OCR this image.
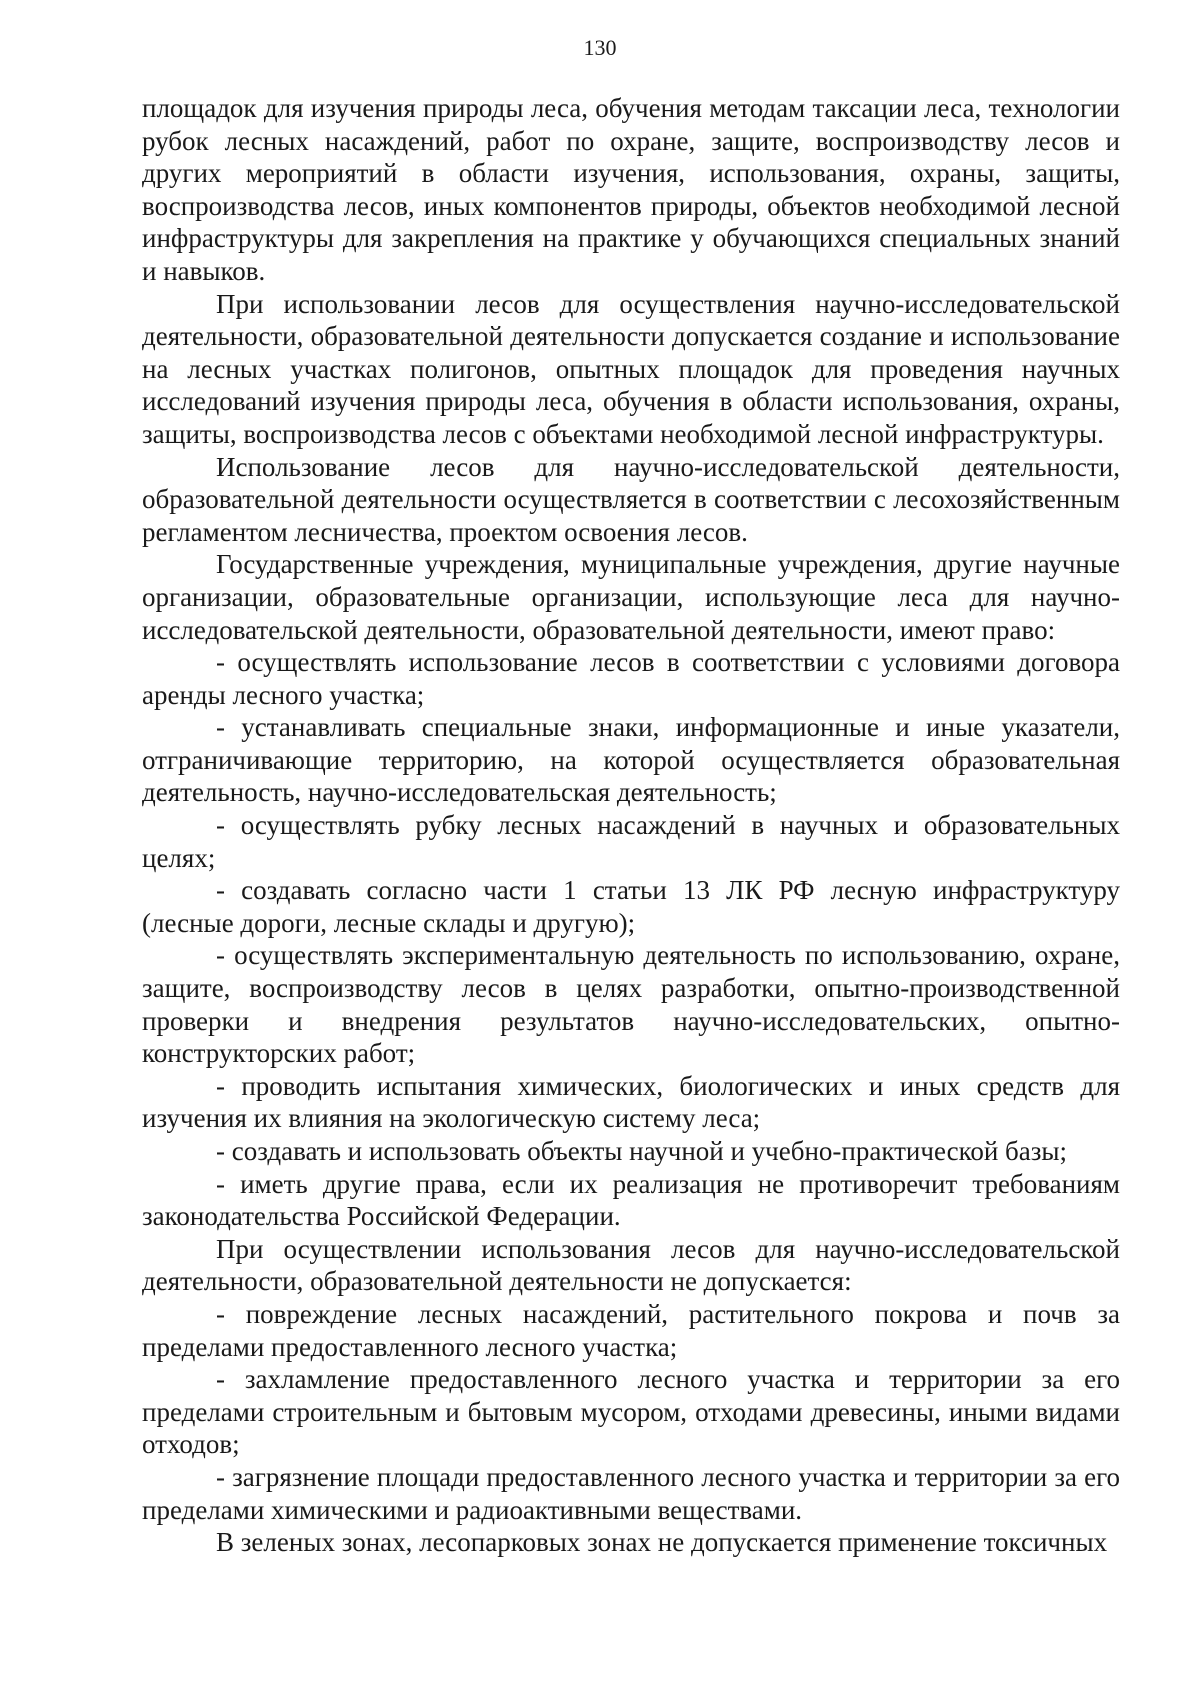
130

площадок для изучения природы леса, обучения методам таксации леса, технологии рубок лесных насаждений, работ по охране, защите, воспроизводству лесов и других мероприятий в области изучения, использования, охраны, защиты, воспроизводства лесов, иных компонентов природы, объектов необходимой лесной инфраструктуры для закрепления на практике у обучающихся специальных знаний и навыков.

При использовании лесов для осуществления научно-исследовательской деятельности, образовательной деятельности допускается создание и использование на лесных участках полигонов, опытных площадок для проведения научных исследований изучения природы леса, обучения в области использования, охраны, защиты, воспроизводства лесов с объектами необходимой лесной инфраструктуры.

Использование лесов для научно-исследовательской деятельности, образовательной деятельности осуществляется в соответствии с лесохозяйственным регламентом лесничества, проектом освоения лесов.

Государственные учреждения, муниципальные учреждения, другие научные организации, образовательные организации, использующие леса для научно-исследовательской деятельности, образовательной деятельности, имеют право:

- осуществлять использование лесов в соответствии с условиями договора аренды лесного участка;

- устанавливать специальные знаки, информационные и иные указатели, отграничивающие территорию, на которой осуществляется образовательная деятельность, научно-исследовательская деятельность;

- осуществлять рубку лесных насаждений в научных и образовательных целях;

- создавать согласно части 1 статьи 13 ЛК РФ лесную инфраструктуру (лесные дороги, лесные склады и другую);

- осуществлять экспериментальную деятельность по использованию, охране, защите, воспроизводству лесов в целях разработки, опытно-производственной проверки и внедрения результатов научно-исследовательских, опытно-конструкторских работ;

- проводить испытания химических, биологических и иных средств для изучения их влияния на экологическую систему леса;

- создавать и использовать объекты научной и учебно-практической базы;

- иметь другие права, если их реализация не противоречит требованиям законодательства Российской Федерации.

При осуществлении использования лесов для научно-исследовательской деятельности, образовательной деятельности не допускается:

- повреждение лесных насаждений, растительного покрова и почв за пределами предоставленного лесного участка;

- захламление предоставленного лесного участка и территории за его пределами строительным и бытовым мусором, отходами древесины, иными видами отходов;

- загрязнение площади предоставленного лесного участка и территории за его пределами химическими и радиоактивными веществами.

В зеленых зонах, лесопарковых зонах не допускается применение токсичных
